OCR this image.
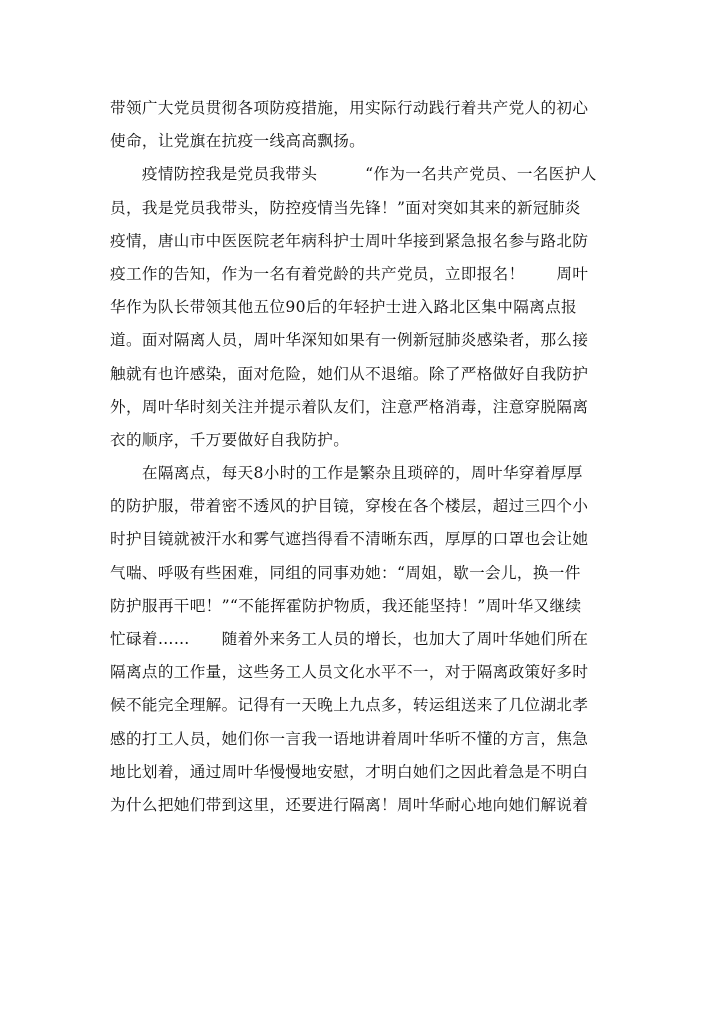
带领广大党员贯彻各项防疫措施，用实际行动践行着共产党人的初心
使命，让党旗在抗疫一线高高飘扬。
　　疫情防控我是党员我带头　　　“作为一名共产党员、一名医护人
员，我是党员我带头，防控疫情当先锋！”面对突如其来的新冠肺炎
疫情，唐山市中医医院老年病科护士周叶华接到紧急报名参与路北防
疫工作的告知，作为一名有着党龄的共产党员，立即报名！　　周叶
华作为队长带领其他五位90后的年轻护士进入路北区集中隔离点报
道。面对隔离人员，周叶华深知如果有一例新冠肺炎感染者，那么接
触就有也许感染，面对危险，她们从不退缩。除了严格做好自我防护
外，周叶华时刻关注并提示着队友们，注意严格消毒，注意穿脱隔离
衣的顺序，千万要做好自我防护。
　　在隔离点，每天8小时的工作是繁杂且琐碎的，周叶华穿着厚厚
的防护服，带着密不透风的护目镜，穿梭在各个楼层，超过三四个小
时护目镜就被汗水和雾气遮挡得看不清晰东西，厚厚的口罩也会让她
气喘、呼吸有些困难，同组的同事劝她：“周姐，歇一会儿，换一件
防护服再干吧！”“不能挥霍防护物质，我还能坚持！”周叶华又继续
忙碌着……　　随着外来务工人员的增长，也加大了周叶华她们所在
隔离点的工作量，这些务工人员文化水平不一，对于隔离政策好多时
候不能完全理解。记得有一天晚上九点多，转运组送来了几位湖北孝
感的打工人员，她们你一言我一语地讲着周叶华听不懂的方言，焦急
地比划着，通过周叶华慢慢地安慰，才明白她们之因此着急是不明白
为什么把她们带到这里，还要进行隔离！周叶华耐心地向她们解说着
